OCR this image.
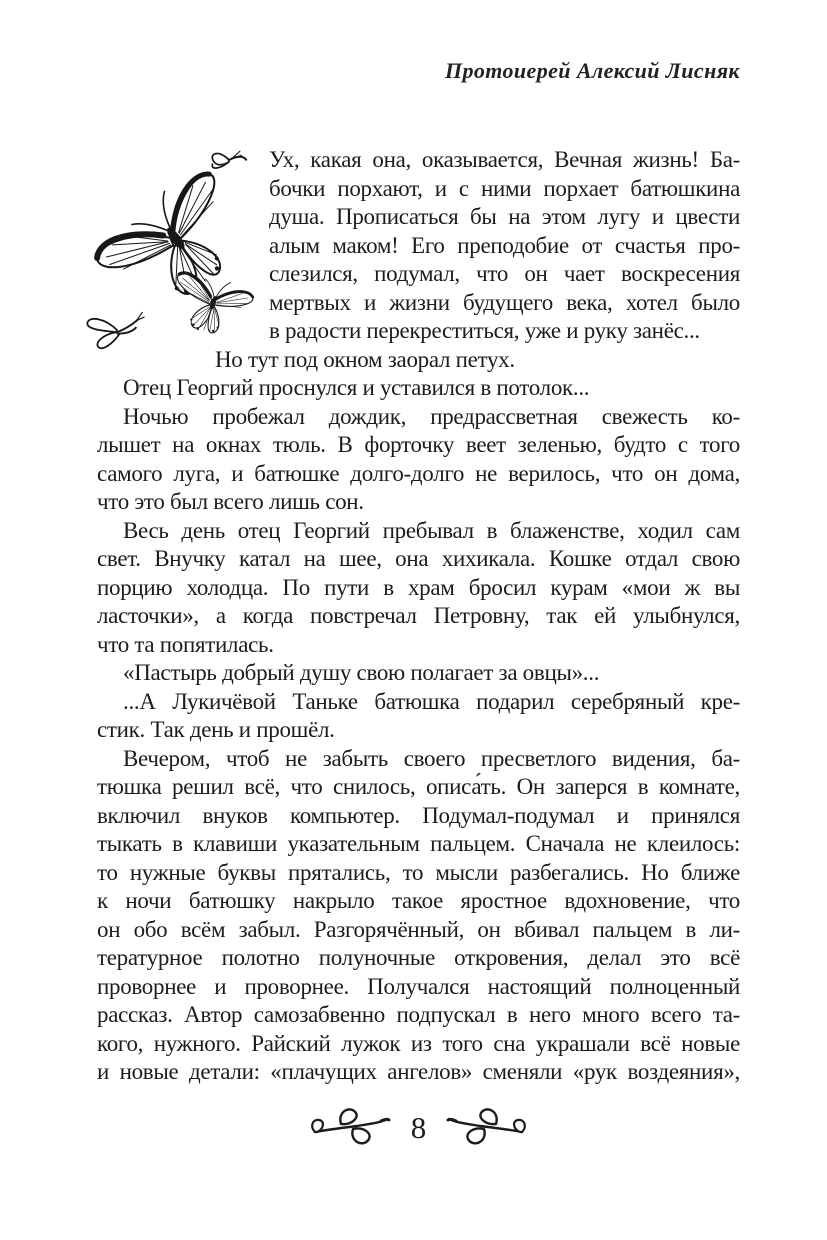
Протоиерей Алексий Лисняк
Ух, какая она, оказывается, Вечная жизнь! Ба-
бочки порхают, и с ними порхает батюшкина
душа. Прописаться бы на этом лугу и цвести
алым маком! Его преподобие от счастья про-
слезился, подумал, что он чает воскресения
мертвых и жизни будущего века, хотел было
в радости перекреститься, уже и руку занёс...
Но тут под окном заорал петух.
Отец Георгий проснулся и уставился в потолок...
Ночью пробежал дождик, предрассветная свежесть ко-
лышет на окнах тюль. В форточку веет зеленью, будто с того
самого луга, и батюшке долго-долго не верилось, что он дома,
что это был всего лишь сон.
Весь день отец Георгий пребывал в блаженстве, ходил сам
свет. Внучку катал на шее, она хихикала. Кошке отдал свою
порцию холодца. По пути в храм бросил курам «мои ж вы
ласточки», а когда повстречал Петровну, так ей улыбнулся,
что та попятилась.
«Пастырь добрый душу свою полагает за овцы»...
...А Лукичёвой Таньке батюшка подарил серебряный кре-
стик. Так день и прошёл.
Вечером, чтоб не забыть своего пресветлого видения, ба-
тюшка решил всё, что снилось, описа́ть. Он заперся в комнате,
включил внуков компьютер. Подумал-подумал и принялся
тыкать в клавиши указательным пальцем. Сначала не клеилось:
то нужные буквы прятались, то мысли разбегались. Но ближе
к ночи батюшку накрыло такое яростное вдохновение, что
он обо всём забыл. Разгорячённый, он вбивал пальцем в ли-
тературное полотно полуночные откровения, делал это всё
проворнее и проворнее. Получался настоящий полноценный
рассказ. Автор самозабвенно подпускал в него много всего та-
кого, нужного. Райский лужок из того сна украшали всё новые
и новые детали: «плачущих ангелов» сменяли «рук воздеяния»,
8
